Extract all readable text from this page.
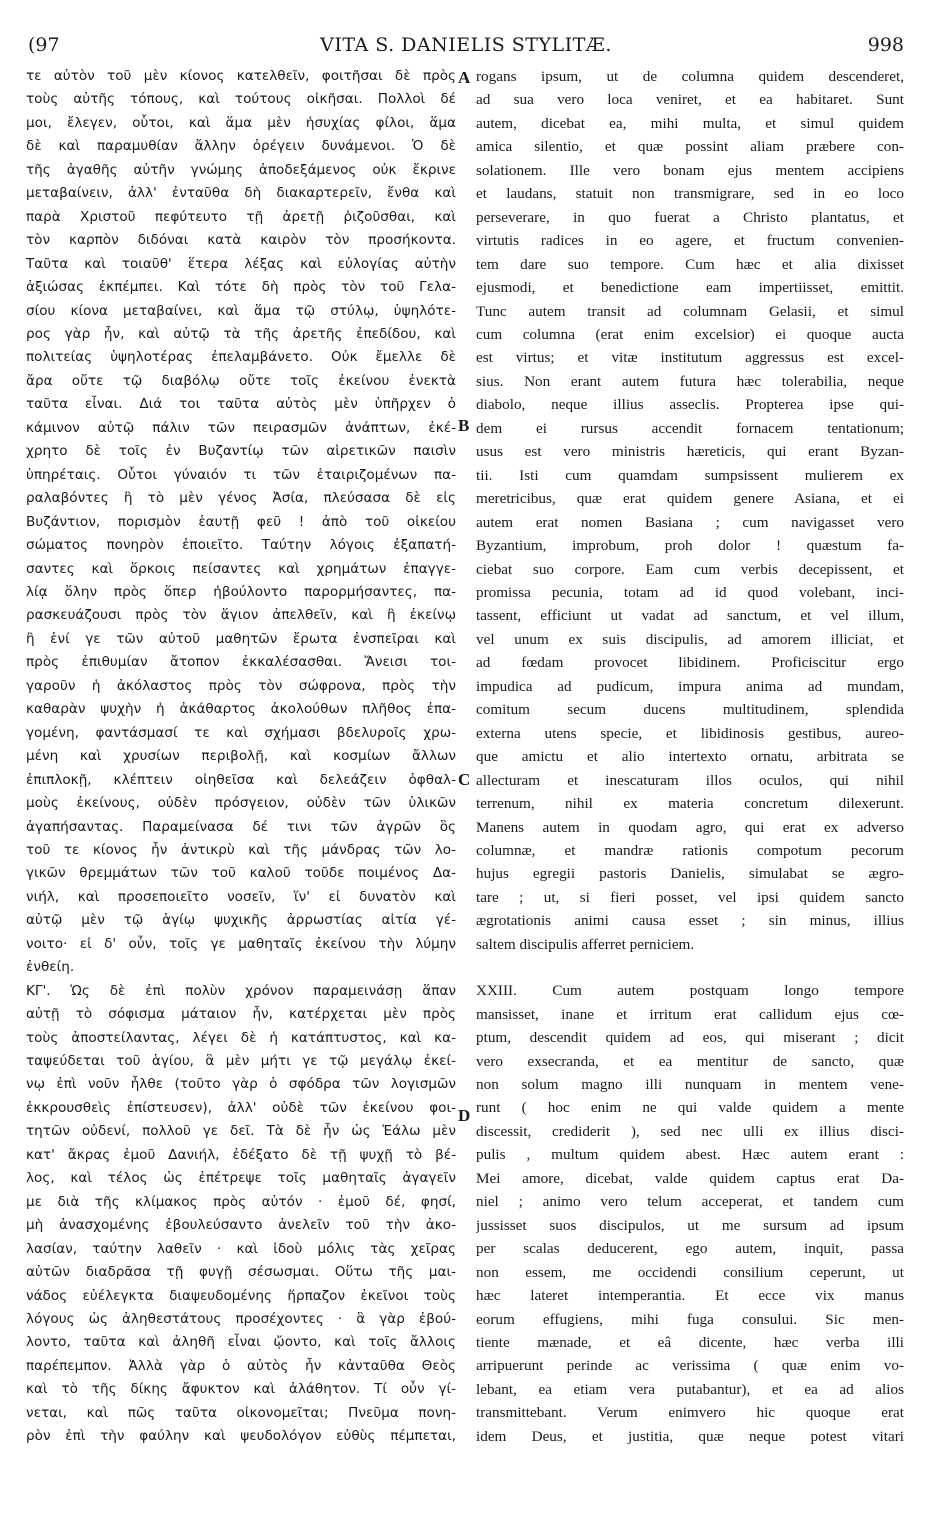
(97	VITA S. DANIELIS STYLITÆ.	998
τε αὐτὸν τοῦ μὲν κίονος κατελθεῖν, φοιτῆσαι δὲ πρὸς
τοὺς αὐτῆς τόπους, καὶ τούτους οἰκῆσαι. Πολλοὶ δέ
μοι, ἔλεγεν, οὗτοι, καὶ ἅμα μὲν ἡσυχίας φίλοι, ἅμα
δὲ καὶ παραμυθίαν ἄλλην ὀρέγειν δυνάμενοι. Ὁ δὲ
τῆς ἀγαθῆς αὐτῆν γνώμης ἀποδεξάμενος οὐκ ἔκρινε
μεταβαίνειν, ἀλλ' ἐνταῦθα δὴ διακαρτερεῖν, ἔνθα καὶ
παρὰ Χριστοῦ πεφύτευτο τῇ ἀρετῇ ῥιζοῦσθαι, καὶ
τὸν καρπὸν διδόναι κατὰ καιρὸν τὸν προσήκοντα.
Ταῦτα καὶ τοιαῦθ' ἕτερα λέξας καὶ εὐλογίας αὐτὴν
ἀξιώσας ἐκπέμπει. Καὶ τότε δὴ πρὸς τὸν τοῦ Γελα-
σίου κίονα μεταβαίνει, καὶ ἅμα τῷ στύλῳ, ὑψηλότε-
ρος γὰρ ἦν, καὶ αὐτῷ τὰ τῆς ἀρετῆς ἐπεδίδου, καὶ
πολιτείας ὑψηλοτέρας ἐπελαμβάνετο. Οὐκ ἔμελλε δὲ
ἄρα οὔτε τῷ διαβόλῳ οὔτε τοῖς ἐκείνου ἐνεκτὰ
ταῦτα εἶναι. Διά τοι ταῦτα αὐτὸς μὲν ὑπῆρχεν ὁ
κάμινον αὐτῷ πάλιν τῶν πειρασμῶν ἀνάπτων, ἐκέ-
χρητο δὲ τοῖς ἐν Βυζαντίῳ τῶν αἱρετικῶν παισὶν
ὑπηρέταις. Οὗτοι γύναιόν τι τῶν ἑταιριζομένων πα-
ραλαβόντες ἣ τὸ μὲν γένος Ἀσία, πλεύσασα δὲ εἰς
Βυζάντιον, πορισμὸν ἑαυτῇ φεῦ ! ἀπὸ τοῦ οἰκείου
σώματος πονηρὸν ἐποιεῖτο. Ταύτην λόγοις ἐξαπατή-
σαντες καὶ ὅρκοις πείσαντες καὶ χρημάτων ἐπαγγε-
λίᾳ ὅλην πρὸς ὅπερ ἠβούλοντο παρορμήσαντες, πα-
ρασκευάζουσι πρὸς τὸν ἅγιον ἀπελθεῖν, καὶ ἢ ἐκείνῳ
ἢ ἑνί γε τῶν αὐτοῦ μαθητῶν ἔρωτα ἐνσπεῖραι καὶ
πρὸς ἐπιθυμίαν ἄτοπον ἐκκαλέσασθαι. Ἄνεισι τοι-
γαροῦν ἡ ἀκόλαστος πρὸς τὸν σώφρονα, πρὸς τὴν
καθαρὰν ψυχὴν ἡ ἀκάθαρτος ἀκολούθων πλῆθος ἐπα-
γομένη, φαντάσμασί τε καὶ σχήμασι βδελυροῖς χρω-
μένη καὶ χρυσίων περιβολῇ, καὶ κοσμίων ἄλλων
ἐπιπλοκῇ, κλέπτειν οἰηθεῖσα καὶ δελεάζειν ὀφθαλ-
μοὺς ἐκείνους, οὐδὲν πρόσγειον, οὐδὲν τῶν ὑλικῶν
ἀγαπήσαντας. Παραμείνασα δέ τινι τῶν ἀγρῶν ὃς
τοῦ τε κίονος ἦν ἀντικρὺ καὶ τῆς μάνδρας τῶν λο-
γικῶν θρεμμάτων τῶν τοῦ καλοῦ τοῦδε ποιμένος Δα-
νιήλ, καὶ προσεποιεῖτο νοσεῖν, ἵν' εἰ δυνατὸν καὶ
αὐτῷ μὲν τῷ ἁγίῳ ψυχικῆς ἀρρωστίας αἰτία γέ-
νοιτο· εἰ δ' οὖν, τοῖς γε μαθηταῖς ἐκείνου τὴν λύμην
ἐνθείη.
ΚΓ'. Ὡς δὲ ἐπὶ πολὺν χρόνον παραμεινάσῃ ἅπαν
αὐτῇ τὸ σόφισμα μάταιον ἦν, κατέρχεται μὲν πρὸς
τοὺς ἀποστείλαντας, λέγει δὲ ἡ κατάπτυστος, καὶ κα-
ταψεύδεται τοῦ ἁγίου, ἃ μὲν μήτι γε τῷ μεγάλῳ ἐκεί-
νῳ ἐπὶ νοῦν ἦλθε (τοῦτο γὰρ ὁ σφόδρα τῶν λογισμῶν
ἐκκρουσθεὶς ἐπίστευσεν), ἀλλ' οὐδὲ τῶν ἐκείνου φοι-
τητῶν οὐδενί, πολλοῦ γε δεῖ. Τὰ δὲ ἦν ὡς Ἑάλω μὲν
κατ' ἄκρας ἐμοῦ Δανιήλ, ἐδέξατο δὲ τῇ ψυχῇ τὸ βέ-
λος, καὶ τέλος ὡς ἐπέτρεψε τοῖς μαθηταῖς ἀγαγεῖν
με διὰ τῆς κλίμακος πρὸς αὐτόν · ἐμοῦ δέ, φησί,
μὴ ἀνασχομένης ἐβουλεύσαντο ἀνελεῖν τοῦ τὴν ἀκο-
λασίαν, ταύτην λαθεῖν · καὶ ἰδοὺ μόλις τὰς χεῖρας
αὐτῶν διαδρᾶσα τῇ φυγῇ σέσωσμαι. Οὕτω τῆς μαι-
νάδος εὐέλεγκτα διαψευδομένης ἥρπαζον ἐκεῖνοι τοὺς
λόγους ὡς ἀληθεστάτους προσέχοντες · ἃ γὰρ ἐβού-
λοντο, ταῦτα καὶ ἀληθῆ εἶναι ᾤοντο, καὶ τοῖς ἄλλοις
παρέπεμπον. Ἀλλὰ γὰρ ὁ αὐτὸς ἦν κἀνταῦθα Θεὸς
καὶ τὸ τῆς δίκης ἄφυκτον καὶ ἀλάθητον. Τί οὖν γί-
νεται, καὶ πῶς ταῦτα οἰκονομεῖται; Πνεῦμα πονη-
ρὸν ἐπὶ τὴν φαύλην καὶ ψευδολόγον εὐθὺς πέμπεται,
rogans ipsum, ut de columna quidem descenderet,
ad sua vero loca veniret, et ea habitaret. Sunt
autem, dicebat ea, mihi multa, et simul quidem
amica silentio, et quæ possint aliam præbere con-
solationem. Ille vero bonam ejus mentem accipiens
et laudans, statuit non transmigrare, sed in eo loco
perseverare, in quo fuerat a Christo plantatus, et
virtutis radices in eo agere, et fructum convenien-
tem dare suo tempore. Cum hæc et alia dixisset
ejusmodi, et benedictione eam impertiisset, emittit.
Tunc autem transit ad columnam Gelasii, et simul
cum columna (erat enim excelsior) ei quoque aucta
est virtus; et vitæ institutum aggressus est excel-
sius. Non erant autem futura hæc tolerabilia, neque
diabolo, neque illius asseclis. Propterea ipse qui-
dem ei rursus accendit fornacem tentationum;
usus est vero ministris hæreticis, qui erant Byzan-
tii. Isti cum quamdam sumpsissent mulierem ex
meretricibus, quæ erat quidem genere Asiana, et ei
autem erat nomen Basiana ; cum navigasset vero
Byzantium, improbum, proh dolor ! quæstum fa-
ciebat suo corpore. Eam cum verbis decepissent, et
promissa pecunia, totam ad id quod volebant, inci-
tassent, efficiunt ut vadat ad sanctum, et vel illum,
vel unum ex suis discipulis, ad amorem illiciat, et
ad fœdam provocet libidinem. Proficiscitur ergo
impudica ad pudicum, impura anima ad mundam,
comitum secum ducens multitudinem, splendida
externa utens specie, et libidinosis gestibus, aureo-
que amictu et alio intertexto ornatu, arbitrata se
allecturam et inescaturam illos oculos, qui nihil
terrenum, nihil ex materia concretum dilexerunt.
Manens autem in quodam agro, qui erat ex adverso
columnæ, et mandræ rationis compotum pecorum
hujus egregii pastoris Danielis, simulabat se ægro-
tare ; ut, si fieri posset, vel ipsi quidem sancto
ægrotationis animi causa esset ; sin minus, illius
saltem discipulis afferret perniciem.
XXIII. Cum autem postquam longo tempore
mansisset, inane et irritum erat callidum ejus cœ-
ptum, descendit quidem ad eos, qui miserant ; dicit
vero exsecranda, et ea mentitur de sancto, quæ
non solum magno illi nunquam in mentem vene-
runt ( hoc enim ne qui valde quidem a mente
discessit, crediderit ), sed nec ulli ex illius disci-
pulis , multum quidem abest. Hæc autem erant :
Mei amore, dicebat, valde quidem captus erat Da-
niel ; animo vero telum acceperat, et tandem cum
jussisset suos discipulos, ut me sursum ad ipsum
per scalas deducerent, ego autem, inquit, passa
non essem, me occidendi consilium ceperunt, ut
hæc lateret intemperantia. Et ecce vix manus
eorum effugiens, mihi fuga consului. Sic men-
tiente mænade, et eâ dicente, hæc verba illi
arripuerunt perinde ac verissima ( quæ enim vo-
lebant, ea etiam vera putabantur), et ea ad alios
transmittebant. Verum enimvero hic quoque erat
idem Deus, et justitia, quæ neque potest vitari
A
B
C
D
